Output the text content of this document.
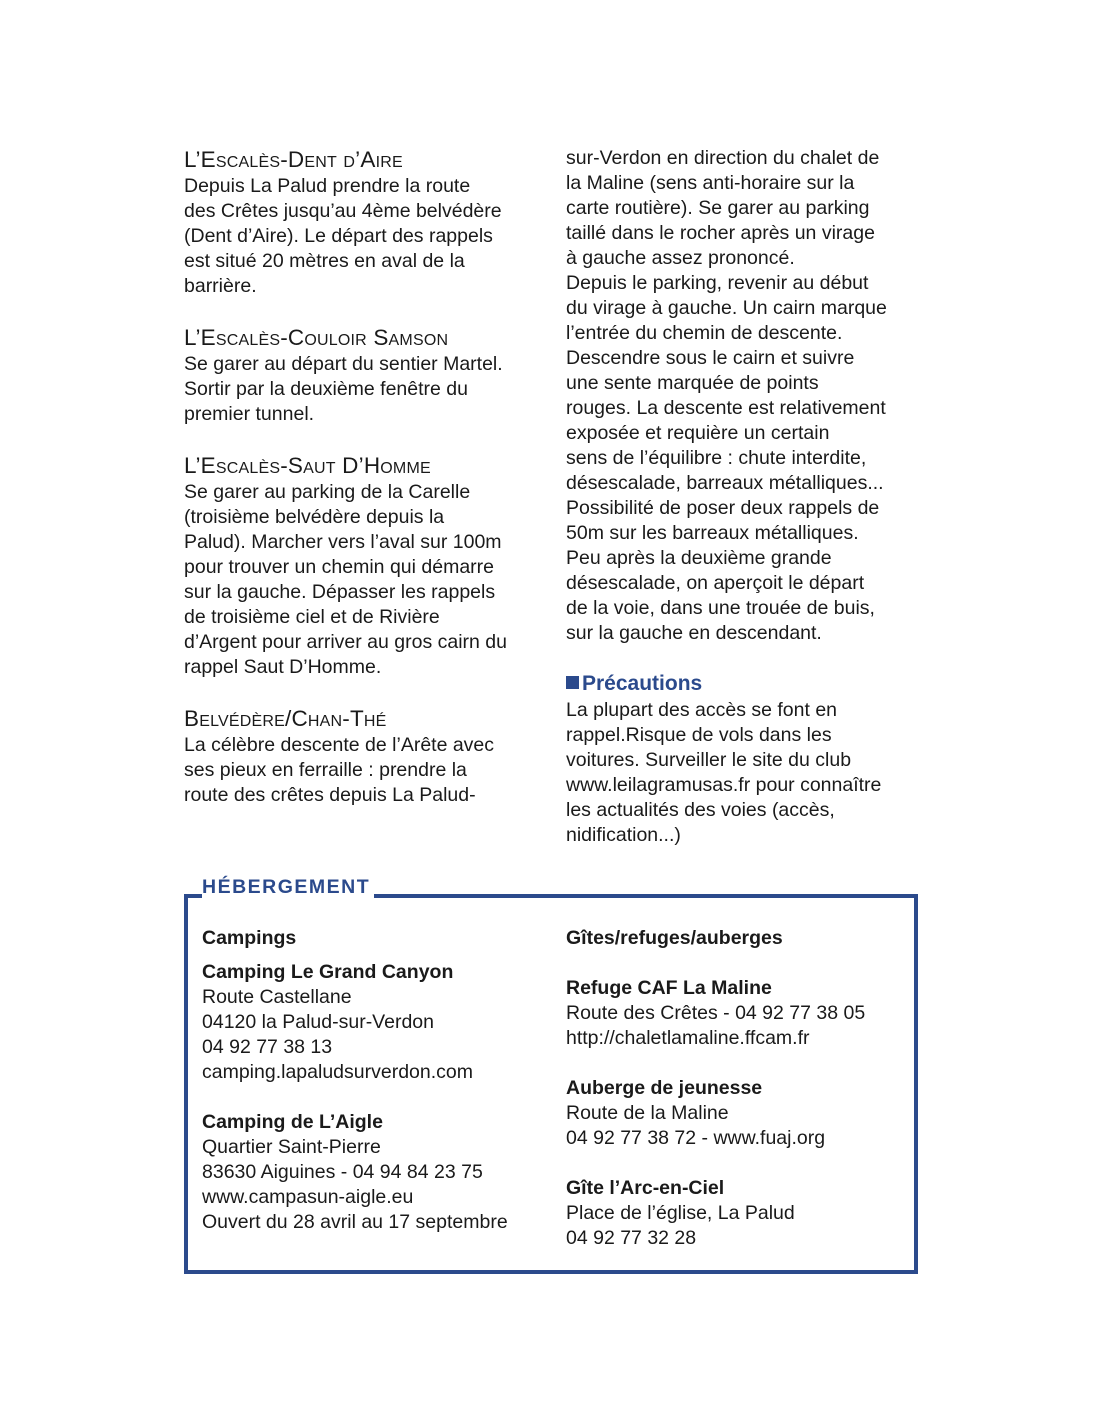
L’Escalès-Dent d’Aire
Depuis La Palud prendre la route
des Crêtes jusqu’au 4ème belvédère
(Dent d’Aire). Le départ des rappels
est situé 20 mètres en aval de la
barrière.
L’Escalès-Couloir Samson
Se garer au départ du sentier Martel.
Sortir par la deuxième fenêtre du
premier tunnel.
L’Escalès-Saut D’Homme
Se garer au parking de la Carelle
(troisième belvédère depuis la
Palud). Marcher vers l’aval sur 100m
pour trouver un chemin qui démarre
sur la gauche. Dépasser les rappels
de troisième ciel et de Rivière
d’Argent pour arriver au gros cairn du
rappel Saut D’Homme.
Belvédère/Chan-Thé
La célèbre descente de l’Arête avec
ses pieux en ferraille : prendre la
route des crêtes depuis La Palud-
sur-Verdon en direction du chalet de
la Maline (sens anti-horaire sur la
carte routière). Se garer au parking
taillé dans le rocher après un virage
à gauche assez prononcé.
Depuis le parking, revenir au début
du virage à gauche. Un cairn marque
l’entrée du chemin de descente.
Descendre sous le cairn et suivre
une sente marquée de points
rouges. La descente est relativement
exposée et requière un certain
sens de l’équilibre : chute interdite,
désescalade, barreaux métalliques...
Possibilité de poser deux rappels de
50m sur les barreaux métalliques.
Peu après la deuxième grande
désescalade, on aperçoit le départ
de la voie, dans une trouée de buis,
sur la gauche en descendant.
Précautions
La plupart des accès se font en
rappel.Risque de vols dans les
voitures. Surveiller le site du club
www.leilagramusas.fr pour connaître
les actualités des voies (accès,
nidification...)
HÉBERGEMENT
Campings
Camping Le Grand Canyon
Route Castellane
04120 la Palud-sur-Verdon
04 92 77 38 13
camping.lapaludsurverdon.com
Camping de L’Aigle
Quartier Saint-Pierre
83630 Aiguines - 04 94 84 23 75
www.campasun-aigle.eu
Ouvert du 28 avril au 17 septembre
Gîtes/refuges/auberges
Refuge CAF La Maline
Route des Crêtes - 04 92 77 38 05
http://chaletlamaline.ffcam.fr
Auberge de jeunesse
Route de la Maline
04 92 77 38 72 - www.fuaj.org
Gîte l’Arc-en-Ciel
Place de l’église, La Palud
04 92 77 32 28
